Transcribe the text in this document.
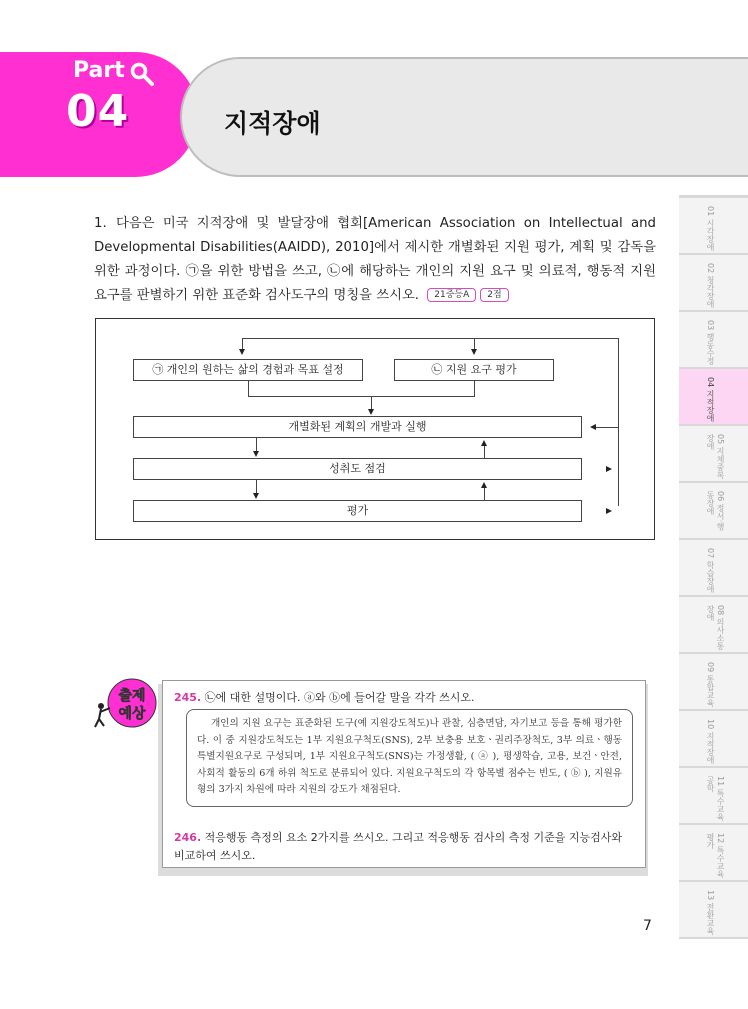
Part
04	지적장애
01 시각장애
02 청각장애
03 행동수정
04 지적장애
05 지체중복장애
06 정서·행동장애
07 학습장애
08 의사소통장애
09 통합교육
10 지적장애
11 특수교육공학
12 특수교육평가
13 전환교육
1. 다음은 미국 지적장애 및 발달장애 협회[American Association on Intellectual and Developmental Disabilities(AAIDD), 2010]에서 제시한 개별화된 지원 평가, 계획 및 감독을 위한 과정이다. ㉠을 위한 방법을 쓰고, ㉡에 해당하는 개인의 지원 요구 및 의료적, 행동적 지원 요구를 판별하기 위한 표준화 검사도구의 명칭을 쓰시오. 21중등A 2점
㉠ 개인의 원하는 삶의 경험과 목표 설정	㉡ 지원 요구 평가
개별화된 계획의 개발과 실행
성취도 점검
평가
출제
예상
245. ㉡에 대한 설명이다. ⓐ와 ⓑ에 들어갈 말을 각각 쓰시오.
개인의 지원 요구는 표준화된 도구(예 지원강도척도)나 관찰, 심층면담, 자기보고 등을 통해 평가한다. 이 중 지원강도척도는 1부 지원요구척도(SNS), 2부 보충용 보호ㆍ권리주장척도, 3부 의료ㆍ행동 특별지원요구로 구성되며, 1부 지원요구척도(SNS)는 가정생활, ( ⓐ ), 평생학습, 고용, 보건ㆍ안전, 사회적 활동의 6개 하위 척도로 분류되어 있다. 지원요구척도의 각 항목별 점수는 빈도, ( ⓑ ), 지원유형의 3가지 차원에 따라 지원의 강도가 채점된다.
246. 적응행동 측정의 요소 2가지를 쓰시오. 그리고 적응행동 검사의 측정 기준을 지능검사와 비교하여 쓰시오.
7
